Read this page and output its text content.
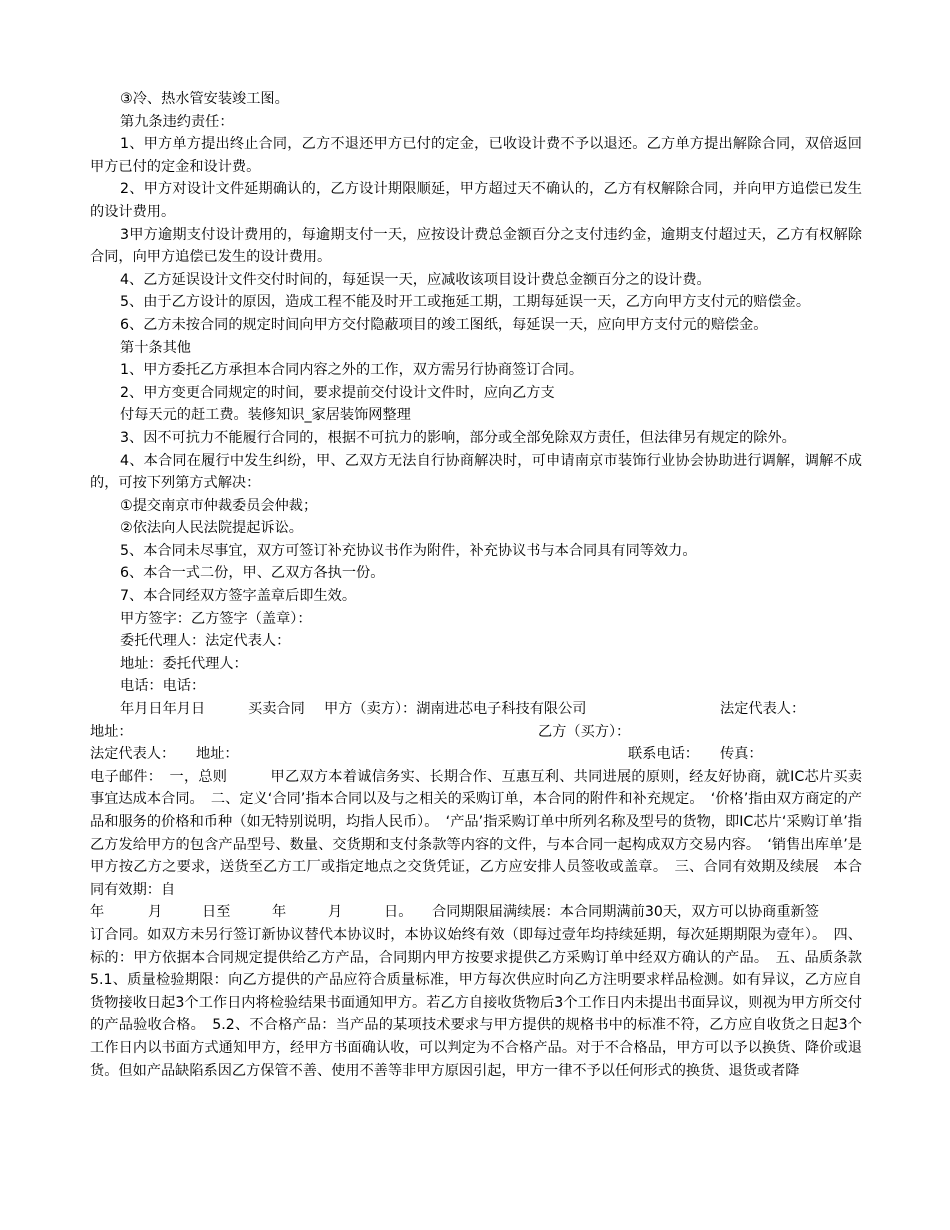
③冷、热水管安装竣工图。

第九条违约责任：

1、甲方单方提出终止合同，乙方不退还甲方已付的定金，已收设计费不予以退还。乙方单方提出解除合同，双倍返回甲方已付的定金和设计费。

2、甲方对设计文件延期确认的，乙方设计期限顺延，甲方超过天不确认的，乙方有权解除合同，并向甲方追偿已发生的设计费用。

3甲方逾期支付设计费用的，每逾期支付一天，应按设计费总金额百分之支付违约金，逾期支付超过天，乙方有权解除合同，向甲方追偿已发生的设计费用。

4、乙方延误设计文件交付时间的，每延误一天，应减收该项目设计费总金额百分之的设计费。

5、由于乙方设计的原因，造成工程不能及时开工或拖延工期，工期每延误一天，乙方向甲方支付元的赔偿金。

6、乙方未按合同的规定时间向甲方交付隐蔽项目的竣工图纸，每延误一天，应向甲方支付元的赔偿金。

第十条其他

1、甲方委托乙方承担本合同内容之外的工作，双方需另行协商签订合同。

2、甲方变更合同规定的时间，要求提前交付设计文件时，应向乙方支

付每天元的赶工费。装修知识_家居装饰网整理

3、因不可抗力不能履行合同的，根据不可抗力的影响，部分或全部免除双方责任，但法律另有规定的除外。

4、本合同在履行中发生纠纷，甲、乙双方无法自行协商解决时，可申请南京市装饰行业协会协助进行调解，调解不成的，可按下列第方式解决：

①提交南京市仲裁委员会仲裁；

②依法向人民法院提起诉讼。

5、本合同未尽事宜，双方可签订补充协议书作为附件，补充协议书与本合同具有同等效力。

6、本合一式二份，甲、乙双方各执一份。

7、本合同经双方签字盖章后即生效。

甲方签字：乙方签字（盖章）：

委托代理人：法定代表人：

地址：委托代理人：

电话：电话：

年月日年月日	买卖合同 甲方（卖方）：湖南进芯电子科技有限公司	法定代表人：
地址：	乙方（买方）：
法定代表人： 地址：	联系电话： 传真：

电子邮件：　一，总则　　　甲乙双方本着诚信务实、长期合作、互惠互利、共同进展的原则，经友好协商，就IC芯片买卖事宜达成本合同。　二、定义‘合同’指本合同以及与之相关的采购订单，本合同的附件和补充规定。　‘价格’指由双方商定的产品和服务的价格和币种（如无特别说明，均指人民币）。　‘产品’指采购订单中所列名称及型号的货物，即IC芯片‘采购订单’指乙方发给甲方的包含产品型号、数量、交货期和支付条款等内容的文件，与本合同一起构成双方交易内容。　‘销售出库单’是甲方按乙方之要求，送货至乙方工厂或指定地点之交货凭证，乙方应安排人员签收或盖章。　三、合同有效期及续展　本合同有效期：自

年	月	日至	年	月	日。 合同期限届满续展：本合同期满前30天，双方可以协商重新签

订合同。如双方未另行签订新协议替代本协议时，本协议始终有效（即每过壹年均持续延期，每次延期期限为壹年）。　四、标的：甲方依据本合同规定提供给乙方产品，合同期内甲方按要求提供乙方采购订单中经双方确认的产品。　五、品质条款　5.1、质量检验期限：向乙方提供的产品应符合质量标准，甲方每次供应时向乙方注明要求样品检测。如有异议，乙方应自货物接收日起3个工作日内将检验结果书面通知甲方。若乙方自接收货物后3个工作日内未提出书面异议，则视为甲方所交付的产品验收合格。　5.2、不合格产品：当产品的某项技术要求与甲方提供的规格书中的标准不符，乙方应自收货之日起3个工作日内以书面方式通知甲方，经甲方书面确认收，可以判定为不合格产品。对于不合格品，甲方可以予以换货、降价或退货。但如产品缺陷系因乙方保管不善、使用不善等非甲方原因引起，甲方一律不予以任何形式的换货、退货或者降
